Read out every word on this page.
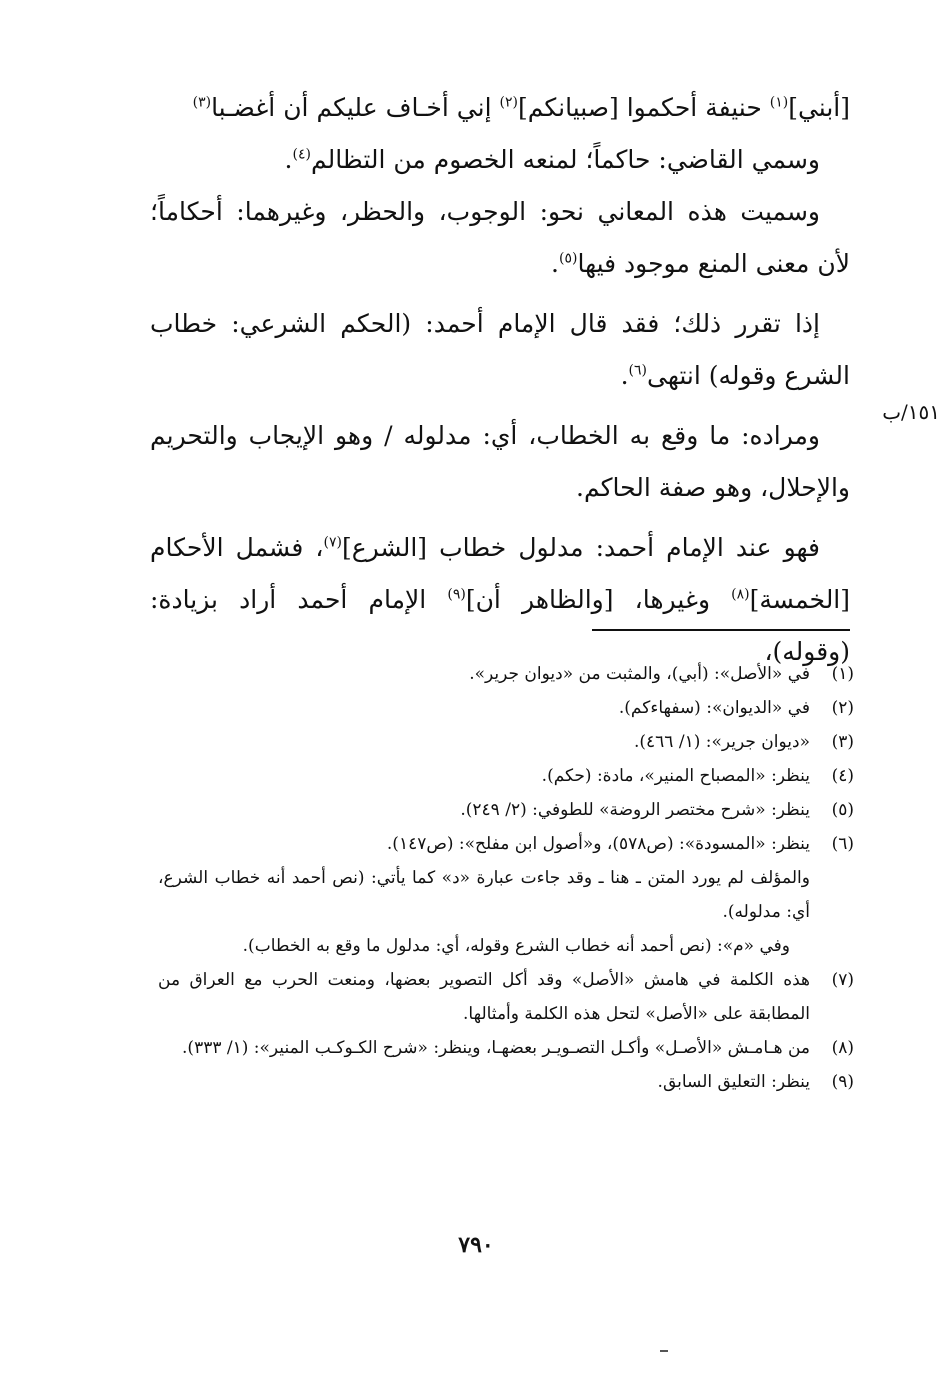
[أبني]$^{(١)}$ حنيفة أحكموا [صبيانكم]$^{(٢)}$ إني أخـاف عليكم أن أغضـبا$^{(٣)}$

وسمي القاضي: حاكماً؛ لمنعه الخصوم من التظالم$^{(٤)}$.

وسميت هذه المعاني نحو: الوجوب، والحظر، وغيرهما: أحكاماً؛ لأن معنى المنع موجود فيها$^{(٥)}$.

إذا تقرر ذلك؛ فقد قال الإمام أحمد: (الحكم الشرعي: خطاب الشرع وقوله) انتهى$^{(٦)}$.

ومراده: ما وقع به الخطاب، أي: مدلوله / وهو الإيجاب والتحريم والإحلال، وهو صفة الحاكم.

فهو عند الإمام أحمد: مدلول خطاب [الشرع]$^{(٧)}$، فشمل الأحكام [الخمسة]$^{(٨)}$ وغيرها، [والظاهر أن]$^{(٩)}$ الإمام أحمد أراد بزيادة: (وقوله)،

١٥١/ب
(١)
في «الأصل»: (أبي)، والمثبت من «ديوان جرير».
(٢)
في «الديوان»: (سفهاءكم).
(٣)
«ديوان جرير»: (١/ ٤٦٦).
(٤)
ينظر: «المصباح المنير»، مادة: (حكم).
(٥)
ينظر: «شرح مختصر الروضة» للطوفي: (٢/ ٢٤٩).
(٦)
ينظر: «المسودة»: (ص٥٧٨)، و«أصول ابن مفلح»: (ص١٤٧).
والمؤلف لم يورد المتن ـ هنا ـ وقد جاءت عبارة «د» كما يأتي: (نص أحمد أنه خطاب الشرع، أي: مدلوله).
وفي «م»: (نص أحمد أنه خطاب الشرع وقوله، أي: مدلول ما وقع به الخطاب).
(٧)
هذه الكلمة في هامش «الأصل» وقد أكل التصوير بعضها، ومنعت الحرب مع العراق من المطابقة على «الأصل» لتحل هذه الكلمة وأمثالها.
(٨)
من هـامـش «الأصـل» وأكـل التصـويـر بعضهـا، وينظر: «شرح الكـوكـب المنير»: (١/ ٣٣٣).
(٩)
ينظر: التعليق السابق.
٧٩٠
